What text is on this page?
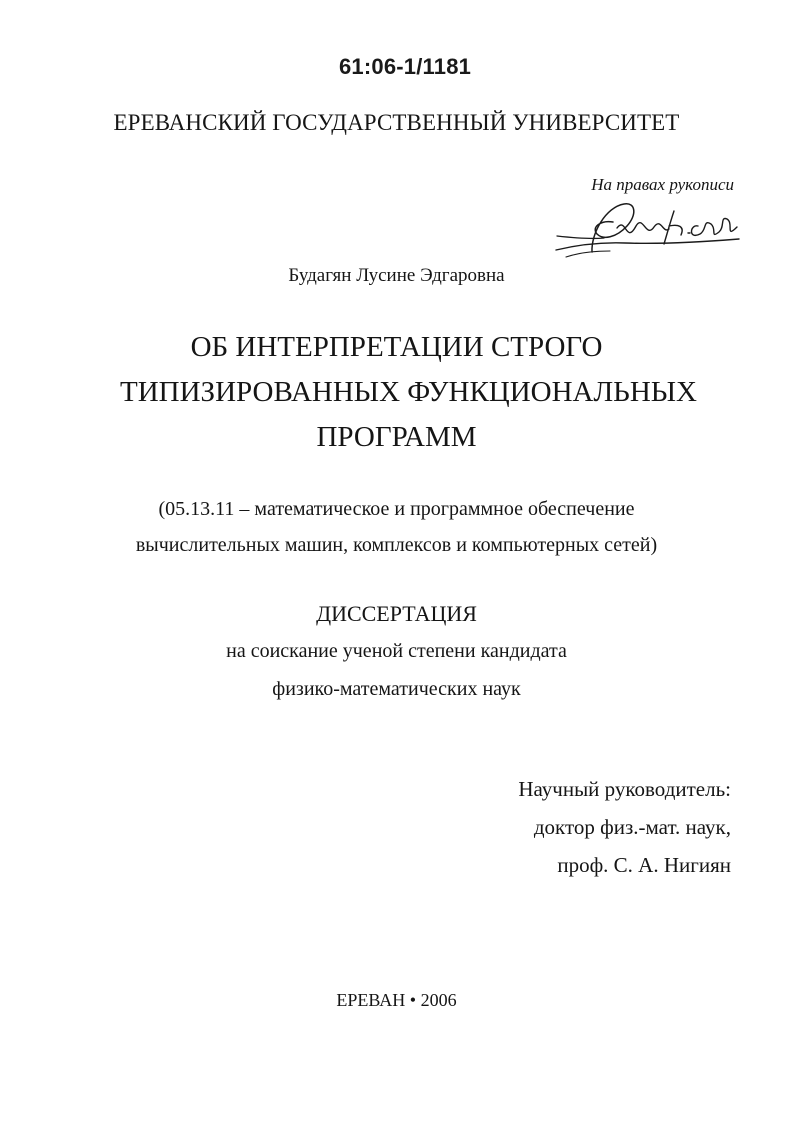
61:06-1/1181
ЕРЕВАНСКИЙ ГОСУДАРСТВЕННЫЙ УНИВЕРСИТЕТ
На правах рукописи
Будагян Лусине Эдгаровна
ОБ ИНТЕРПРЕТАЦИИ СТРОГО
ТИПИЗИРОВАННЫХ ФУНКЦИОНАЛЬНЫХ
ПРОГРАММ
(05.13.11 – математическое и программное обеспечение
вычислительных машин, комплексов и компьютерных сетей)
ДИССЕРТАЦИЯ
на соискание ученой степени кандидата
физико-математических наук
Научный руководитель:
доктор физ.-мат. наук,
проф. С. А. Нигиян
ЕРЕВАН • 2006
